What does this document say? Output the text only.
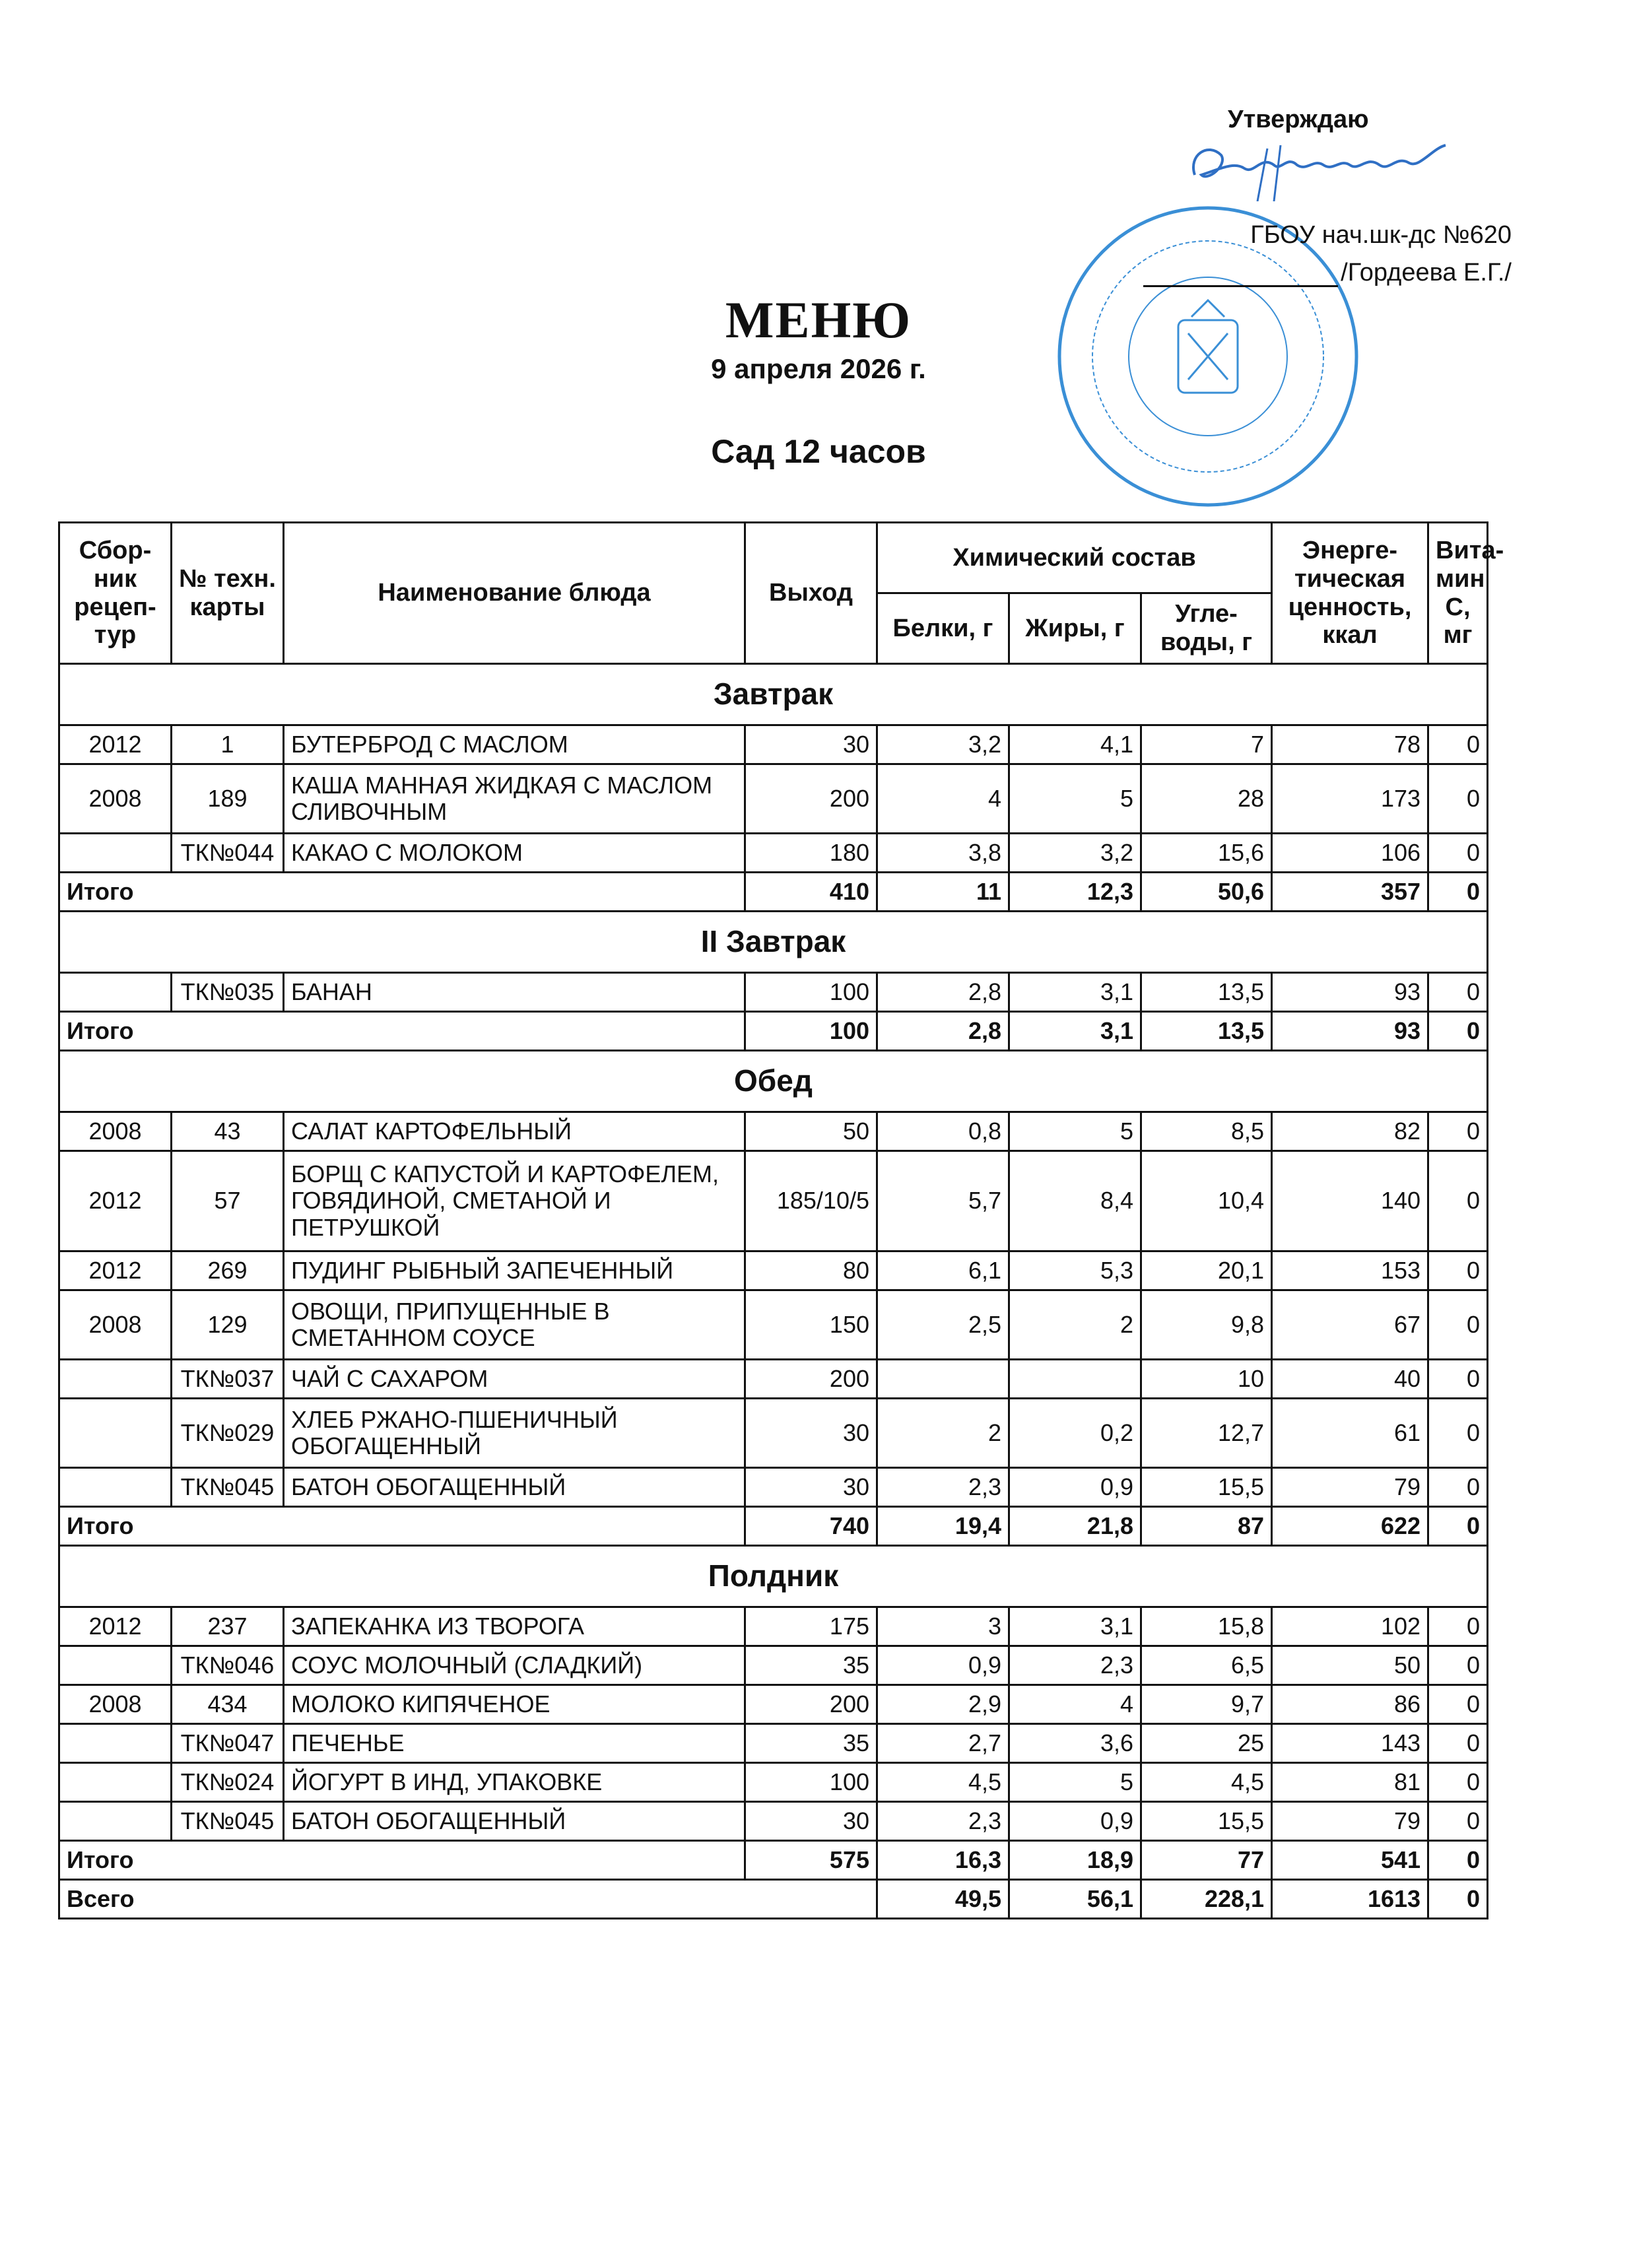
Утверждаю
ГБОУ нач.шк-дс №620
/Гордеева Е.Г./
МЕНЮ
9 апреля 2026 г.
Сад 12 часов
Сбор-ник рецеп-тур	№ техн. карты	Наименование блюда	Выход	Химический состав			Энерге-тическая ценность, ккал	Вита-мин С, мг
				Белки, г	Жиры, г	Угле-воды, г		
Завтрак								
2012	1	БУТЕРБРОД С МАСЛОМ	30	3,2	4,1	7	78	0
2008	189	КАША МАННАЯ ЖИДКАЯ С МАСЛОМ СЛИВОЧНЫМ	200	4	5	28	173	0
	ТК№044	КАКАО С МОЛОКОМ	180	3,8	3,2	15,6	106	0
Итого			410	11	12,3	50,6	357	0
II Завтрак								
	ТК№035	БАНАН	100	2,8	3,1	13,5	93	0
Итого			100	2,8	3,1	13,5	93	0
Обед								
2008	43	САЛАТ КАРТОФЕЛЬНЫЙ	50	0,8	5	8,5	82	0
2012	57	БОРЩ С КАПУСТОЙ И КАРТОФЕЛЕМ, ГОВЯДИНОЙ, СМЕТАНОЙ И ПЕТРУШКОЙ	185/10/5	5,7	8,4	10,4	140	0
2012	269	ПУДИНГ РЫБНЫЙ ЗАПЕЧЕННЫЙ	80	6,1	5,3	20,1	153	0
2008	129	ОВОЩИ, ПРИПУЩЕННЫЕ В СМЕТАННОМ СОУСЕ	150	2,5	2	9,8	67	0
	ТК№037	ЧАЙ С САХАРОМ	200			10	40	0
	ТК№029	ХЛЕБ РЖАНО-ПШЕНИЧНЫЙ ОБОГАЩЕННЫЙ	30	2	0,2	12,7	61	0
	ТК№045	БАТОН ОБОГАЩЕННЫЙ	30	2,3	0,9	15,5	79	0
Итого			740	19,4	21,8	87	622	0
Полдник								
2012	237	ЗАПЕКАНКА ИЗ ТВОРОГА	175	3	3,1	15,8	102	0
	ТК№046	СОУС МОЛОЧНЫЙ (СЛАДКИЙ)	35	0,9	2,3	6,5	50	0
2008	434	МОЛОКО КИПЯЧЕНОЕ	200	2,9	4	9,7	86	0
	ТК№047	ПЕЧЕНЬЕ	35	2,7	3,6	25	143	0
	ТК№024	ЙОГУРТ В ИНД, УПАКОВКЕ	100	4,5	5	4,5	81	0
	ТК№045	БАТОН ОБОГАЩЕННЫЙ	30	2,3	0,9	15,5	79	0
Итого			575	16,3	18,9	77	541	0
Всего				49,5	56,1	228,1	1613	0
